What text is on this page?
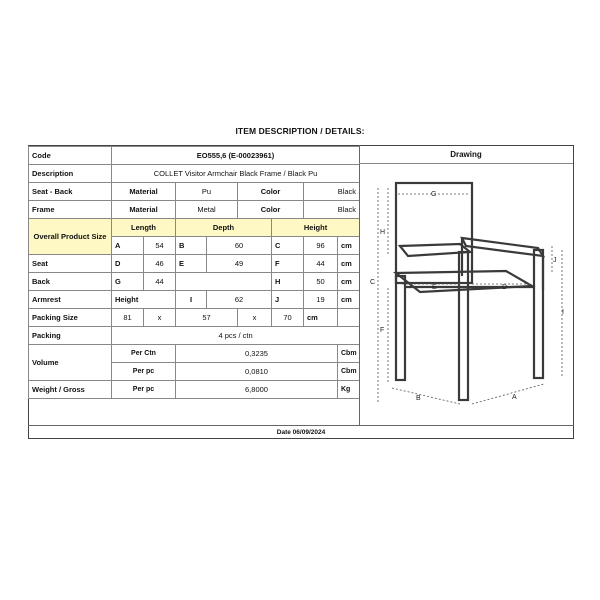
ITEM DESCRIPTION / DETAILS:
Code	EO555,6 (E-00023961)							
Description	COLLET Visitor Armchair Black Frame / Black Pu							
Seat - Back	Material		Pu		Color		Black	
Frame	Material		Metal		Color		Black	
Overall Product Size	Length		Depth			Height		
	A	54	B	60		C	96	cm
Seat	D	46	E	49		F	44	cm
Back	G	44				H	50	cm
Armrest	Height		I	62		J	19	cm
Packing Size	81	x	57		x	70	cm	
Packing	4 pcs / ctn							
Volume	Per Ctn		0,3235					Cbm
	Per pc		0,0810					Cbm
Weight / Gross	Per pc		6,8000					Kg
Drawing
G
H
C
E	D
F
J
I
B	A
Date 06/09/2024
